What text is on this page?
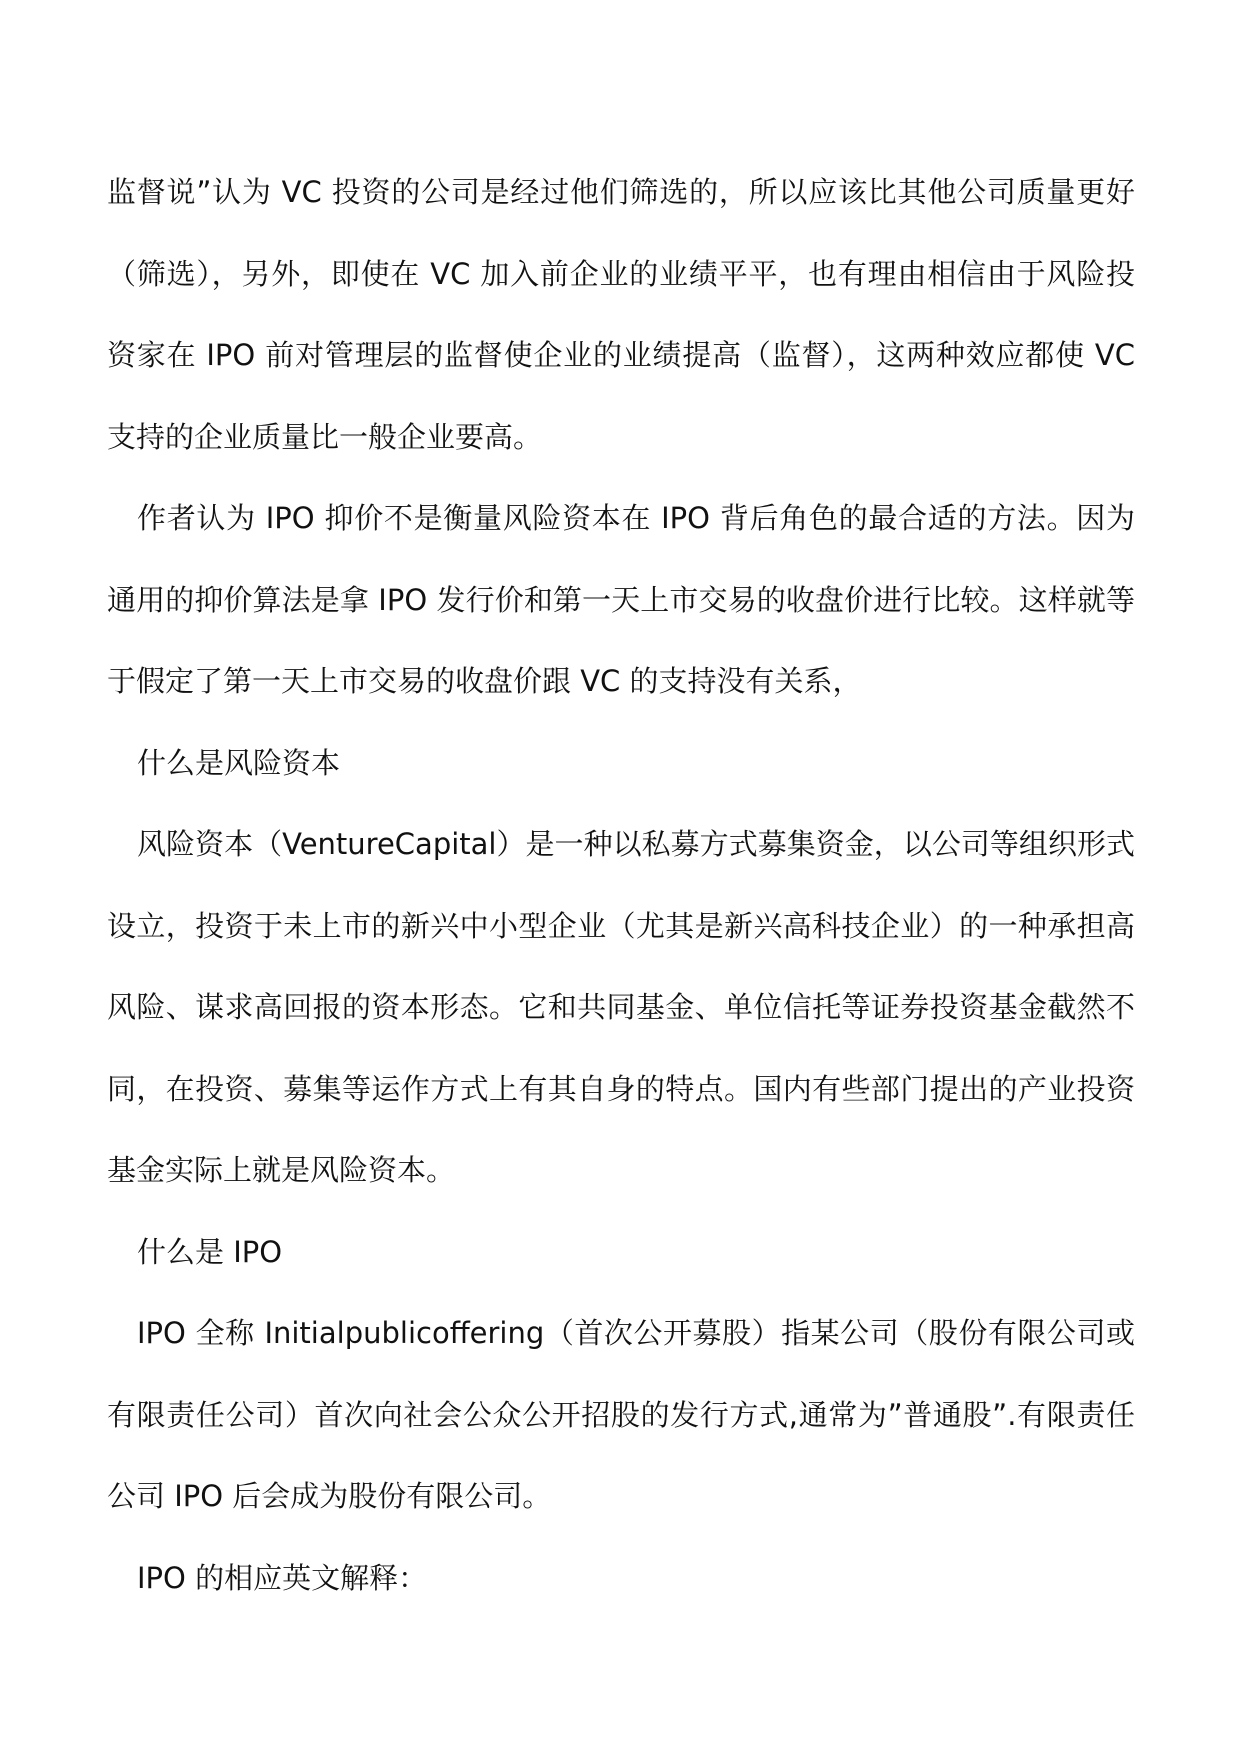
监督说”认为 VC 投资的公司是经过他们筛选的，所以应该比其他公司质量更好（筛选），另外，即使在 VC 加入前企业的业绩平平，也有理由相信由于风险投资家在 IPO 前对管理层的监督使企业的业绩提高（监督），这两种效应都使 VC 支持的企业质量比一般企业要高。

作者认为 IPO 抑价不是衡量风险资本在 IPO 背后角色的最合适的方法。因为通用的抑价算法是拿 IPO 发行价和第一天上市交易的收盘价进行比较。这样就等于假定了第一天上市交易的收盘价跟 VC 的支持没有关系，

什么是风险资本

风险资本（VentureCapital）是一种以私募方式募集资金，以公司等组织形式设立，投资于未上市的新兴中小型企业（尤其是新兴高科技企业）的一种承担高风险、谋求高回报的资本形态。它和共同基金、单位信托等证券投资基金截然不同，在投资、募集等运作方式上有其自身的特点。国内有些部门提出的产业投资基金实际上就是风险资本。

什么是 IPO

IPO 全称 Initialpublicoffering（首次公开募股）指某公司（股份有限公司或有限责任公司）首次向社会公众公开招股的发行方式,通常为”普通股”.有限责任公司 IPO 后会成为股份有限公司。

IPO 的相应英文解释：
